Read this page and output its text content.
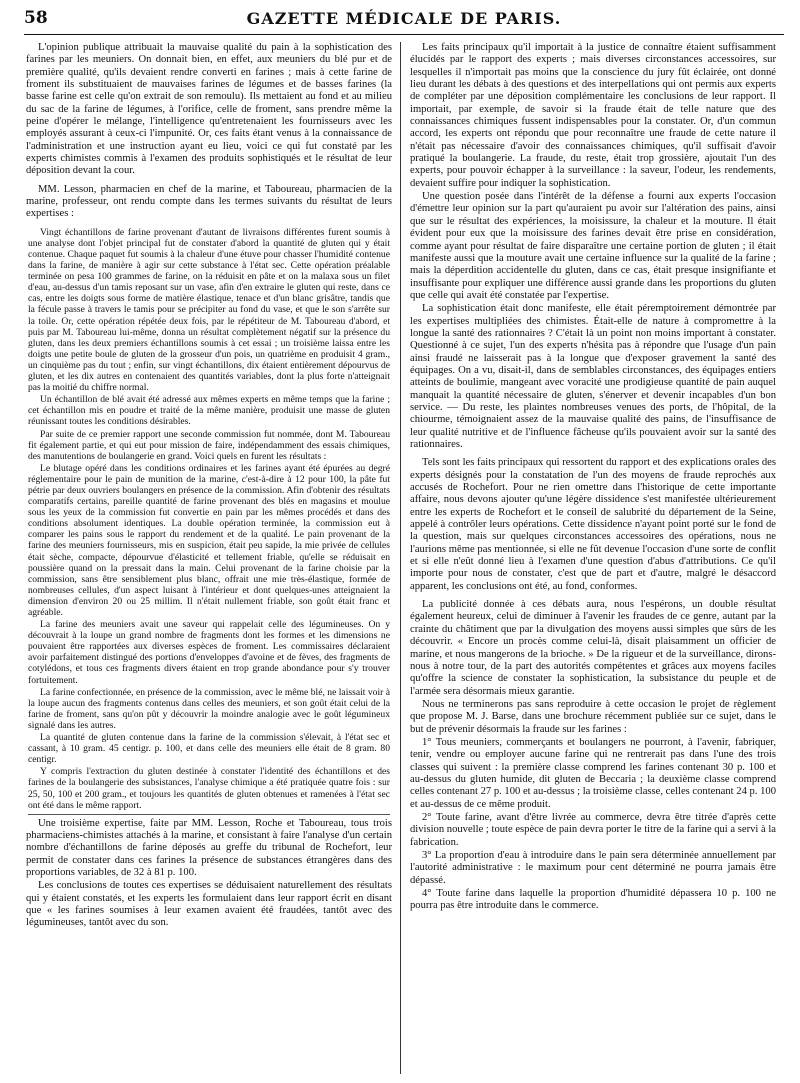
58	GAZETTE MÉDICALE DE PARIS.

L'opinion publique attribuait la mauvaise qualité du pain à la sophistication des farines par les meuniers. On donnait bien, en effet, aux meuniers du blé pur et de première qualité, qu'ils devaient rendre converti en farines ; mais à cette farine de froment ils substituaient de mauvaises farines de légumes et de basses farines (la basse farine est celle qu'on extrait de son remoulu). Ils mettaient au fond et au milieu du sac de la farine de légumes, à l'orifice, celle de froment, sans prendre même la peine d'opérer le mélange, l'intelligence qu'entretenaient les fournisseurs avec les employés assurant à ceux-ci l'impunité. Or, ces faits étant venus à la connaissance de l'administration et une instruction ayant eu lieu, voici ce qui fut constaté par les experts chimistes commis à l'examen des produits sophistiqués et le résultat de leur déposition devant la cour.

MM. Lesson, pharmacien en chef de la marine, et Taboureau, pharmacien de la marine, professeur, ont rendu compte dans les termes suivants du résultat de leurs expertises :

Vingt échantillons de farine provenant d'autant de livraisons différentes furent soumis à une analyse dont l'objet principal fut de constater d'abord la quantité de gluten qui y était contenue. Chaque paquet fut soumis à la chaleur d'une étuve pour chasser l'humidité contenue dans la farine, de manière à agir sur cette substance à l'état sec. Cette opération préalable terminée on pesa 100 grammes de farine, on la réduisit en pâte et on la malaxa sous un filet d'eau, au-dessus d'un tamis reposant sur un vase, afin d'en extraire le gluten qui reste, dans ce cas, entre les doigts sous forme de matière élastique, tenace et d'un blanc grisâtre, tandis que la fécule passe à travers le tamis pour se précipiter au fond du vase, et que le son s'arrête sur la toile. Or, cette opération répétée deux fois, par le répétiteur de M. Taboureau d'abord, et puis par M. Taboureau lui-même, donna un résultat complètement négatif sur la présence du gluten, dans les deux premiers échantillons soumis à cet essai ; un troisième laissa entre les doigts une petite boule de gluten de la grosseur d'un pois, un quatrième en produisit 4 gram., un cinquième pas du tout ; enfin, sur vingt échantillons, dix étaient entièrement dépourvus de gluten, et les dix autres en contenaient des quantités variables, dont la plus forte n'atteignait pas la moitié du chiffre normal.

Un échantillon de blé avait été adressé aux mêmes experts en même temps que la farine ; cet échantillon mis en poudre et traité de la même manière, produisit une masse de gluten réunissant toutes les conditions désirables.

Par suite de ce premier rapport une seconde commission fut nommée, dont M. Taboureau fit également partie, et qui eut pour mission de faire, indépendamment des essais chimiques, des manutentions de boulangerie en grand. Voici quels en furent les résultats :

Le blutage opéré dans les conditions ordinaires et les farines ayant été épurées au degré réglementaire pour le pain de munition de la marine, c'est-à-dire à 12 pour 100, la pâte fut pétrie par deux ouvriers boulangers en présence de la commission. Afin d'obtenir des résultats comparatifs certains, pareille quantité de farine provenant des blés en magasins et moulue sous les yeux de la commission fut convertie en pain par les mêmes procédés et dans des conditions absolument identiques. La double opération terminée, la commission eut à comparer les pains sous le rapport du rendement et de la qualité. Le pain provenant de la farine des meuniers fournisseurs, mis en suspicion, était peu sapide, la mie privée de cellules était sèche, compacte, dépourvue d'élasticité et tellement friable, qu'elle se réduisait en poussière quand on la pressait dans la main. Celui provenant de la farine choisie par la commission, sans être sensiblement plus blanc, offrait une mie très-élastique, formée de nombreuses cellules, d'un aspect luisant à l'intérieur et dont quelques-unes atteignaient la dimension d'environ 20 ou 25 millim. Il n'était nullement friable, son goût était franc et agréable.

La farine des meuniers avait une saveur qui rappelait celle des légumineuses. On y découvrait à la loupe un grand nombre de fragments dont les formes et les dimensions ne pouvaient être rapportées aux diverses espèces de froment. Les commissaires déclaraient avoir parfaitement distingué des portions d'enveloppes d'avoine et de fèves, des fragments de cotylédons, et tous ces fragments divers étaient en trop grande abondance pour s'y trouver fortuitement.

La farine confectionnée, en présence de la commission, avec le même blé, ne laissait voir à la loupe aucun des fragments contenus dans celles des meuniers, et son goût était celui de la farine de froment, sans qu'on pût y découvrir la moindre analogie avec le goût légumineux signalé dans les autres.

La quantité de gluten contenue dans la farine de la commission s'élevait, à l'état sec et cassant, à 10 gram. 45 centigr. p. 100, et dans celle des meuniers elle était de 8 gram. 80 centigr.

Y compris l'extraction du gluten destinée à constater l'identité des échantillons et des farines de la boulangerie des subsistances, l'analyse chimique a été pratiquée quatre fois : sur 25, 50, 100 et 200 gram., et toujours les quantités de gluten obtenues et ramenées à l'état sec ont été dans le même rapport.

Une troisième expertise, faite par MM. Lesson, Roche et Taboureau, tous trois pharmaciens-chimistes attachés à la marine, et consistant à faire l'analyse d'un certain nombre d'échantillons de farine déposés au greffe du tribunal de Rochefort, leur permit de constater dans ces farines la présence de substances étrangères dans des proportions variables, de 32 à 81 p. 100.

Les conclusions de toutes ces expertises se déduisaient naturellement des résultats qui y étaient constatés, et les experts les formulaient dans leur rapport écrit en disant que « les farines soumises à leur examen avaient été fraudées, tantôt avec des légumineuses, tantôt avec du son.

Les faits principaux qu'il importait à la justice de connaître étaient suffisamment élucidés par le rapport des experts ; mais diverses circonstances accessoires, sur lesquelles il n'importait pas moins que la conscience du jury fût éclairée, ont donné lieu durant les débats à des questions et des interpellations qui ont permis aux experts de compléter par une déposition complémentaire les conclusions de leur rapport. Il importait, par exemple, de savoir si la fraude était de telle nature que des connaissances chimiques fussent indispensables pour la constater. Or, d'un commun accord, les experts ont répondu que pour reconnaître une fraude de cette nature il n'était pas nécessaire d'avoir des connaissances chimiques, qu'il suffisait d'avoir pratiqué la boulangerie. La fraude, du reste, était trop grossière, ajoutait l'un des experts, pour pouvoir échapper à la surveillance : la saveur, l'odeur, les rendements, devaient suffire pour indiquer la sophistication.

Une question posée dans l'intérêt de la défense a fourni aux experts l'occasion d'émettre leur opinion sur la part qu'auraient pu avoir sur l'altération des pains, ainsi que sur le résultat des expériences, la moisissure, la chaleur et la mouture. Il était évident pour eux que la moisissure des farines devait être prise en considération, comme ayant pour résultat de faire disparaître une certaine portion de gluten ; il était manifeste aussi que la mouture avait une certaine influence sur la qualité de la farine ; mais la déperdition accidentelle du gluten, dans ce cas, était presque insignifiante et insuffisante pour expliquer une différence aussi grande dans les proportions du gluten que celle qui avait été constatée par l'expertise.

La sophistication était donc manifeste, elle était péremptoirement démontrée par les expertises multipliées des chimistes. Était-elle de nature à compromettre à la longue la santé des rationnaires ? C'était là un point non moins important à constater. Questionné à ce sujet, l'un des experts n'hésita pas à répondre que l'usage d'un pain ainsi fraudé ne laisserait pas à la longue que d'exposer gravement la santé des équipages. On a vu, disait-il, dans de semblables circonstances, des équipages entiers atteints de boulimie, mangeant avec voracité une prodigieuse quantité de pain auquel manquait la quantité nécessaire de gluten, s'énerver et devenir incapables d'un bon service. — Du reste, les plaintes nombreuses venues des ports, de l'hôpital, de la chiourme, témoignaient assez de la mauvaise qualité des pains, de l'insuffisance de leur qualité nutritive et de l'influence fâcheuse qu'ils pouvaient avoir sur la santé des rationnaires.

Tels sont les faits principaux qui ressortent du rapport et des explications orales des experts désignés pour la constatation de l'un des moyens de fraude reprochés aux accusés de Rochefort. Pour ne rien omettre dans l'historique de cette importante affaire, nous devons ajouter qu'une légère dissidence s'est manifestée ultérieurement entre les experts de Rochefort et le conseil de salubrité du département de la Seine, appelé à contrôler leurs opérations. Cette dissidence n'ayant point porté sur le fond de la question, mais sur quelques circonstances accessoires des opérations, nous ne l'aurions même pas mentionnée, si elle ne fût devenue l'occasion d'une sorte de conflit et si elle n'eût donné lieu à l'examen d'une question d'abus d'attributions. Ce qu'il importe pour nous de constater, c'est que de part et d'autre, malgré le désaccord apparent, les conclusions ont été, au fond, conformes.

La publicité donnée à ces débats aura, nous l'espérons, un double résultat également heureux, celui de diminuer à l'avenir les fraudes de ce genre, autant par la crainte du châtiment que par la divulgation des moyens aussi simples que sûrs de les découvrir. « Encore un procès comme celui-là, disait plaisamment un officier de marine, et nous mangerons de la brioche. » De la rigueur et de la surveillance, dirons-nous à notre tour, de la part des autorités compétentes et grâces aux moyens faciles qu'offre la science de constater la sophistication, la subsistance du peuple et de l'armée sera désormais mieux garantie.

Nous ne terminerons pas sans reproduire à cette occasion le projet de règlement que propose M. J. Barse, dans une brochure récemment publiée sur ce sujet, dans le but de prévenir désormais la fraude sur les farines :

1° Tous meuniers, commerçants et boulangers ne pourront, à l'avenir, fabriquer, tenir, vendre ou employer aucune farine qui ne rentrerait pas dans l'une des trois classes qui suivent : la première classe comprend les farines contenant 30 p. 100 et au-dessus du gluten humide, dit gluten de Beccaria ; la deuxième classe comprend celles contenant 27 p. 100 et au-dessus ; la troisième classe, celles contenant 24 p. 100 et au-dessus de ce même produit.

2° Toute farine, avant d'être livrée au commerce, devra être titrée d'après cette division nouvelle ; toute espèce de pain devra porter le titre de la farine qui a servi à la fabrication.

3° La proportion d'eau à introduire dans le pain sera déterminée annuellement par l'autorité administrative : le maximum pour cent déterminé ne pourra jamais être dépassé.

4° Toute farine dans laquelle la proportion d'humidité dépassera 10 p. 100 ne pourra pas être introduite dans le commerce.
